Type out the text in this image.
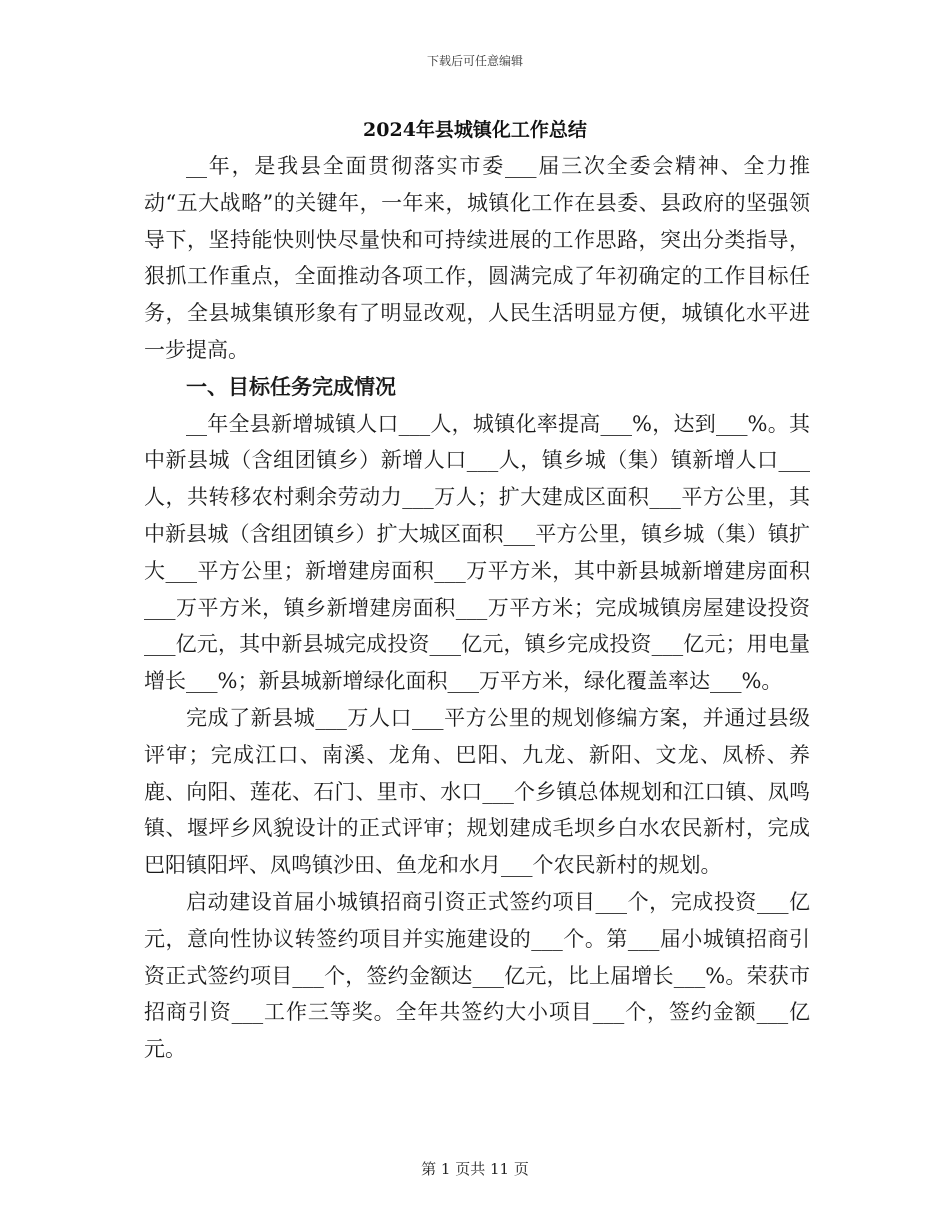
下载后可任意编辑
2024年县城镇化工作总结

__年，是我县全面贯彻落实市委___届三次全委会精神、全力推动“五大战略”的关键年，一年来，城镇化工作在县委、县政府的坚强领导下，坚持能快则快尽量快和可持续进展的工作思路，突出分类指导，狠抓工作重点，全面推动各项工作，圆满完成了年初确定的工作目标任务，全县城集镇形象有了明显改观，人民生活明显方便，城镇化水平进一步提高。

一、目标任务完成情况

__年全县新增城镇人口___人，城镇化率提高___%，达到___%。其中新县城（含组团镇乡）新增人口___人，镇乡城（集）镇新增人口___人，共转移农村剩余劳动力___万人；扩大建成区面积___平方公里，其中新县城（含组团镇乡）扩大城区面积___平方公里，镇乡城（集）镇扩大___平方公里；新增建房面积___万平方米，其中新县城新增建房面积___万平方米，镇乡新增建房面积___万平方米；完成城镇房屋建设投资___亿元，其中新县城完成投资___亿元，镇乡完成投资___亿元；用电量增长___%；新县城新增绿化面积___万平方米，绿化覆盖率达___%。

完成了新县城___万人口___平方公里的规划修编方案，并通过县级评审；完成江口、南溪、龙角、巴阳、九龙、新阳、文龙、凤桥、养鹿、向阳、莲花、石门、里市、水口___个乡镇总体规划和江口镇、凤鸣镇、堰坪乡风貌设计的正式评审；规划建成毛坝乡白水农民新村，完成巴阳镇阳坪、凤鸣镇沙田、鱼龙和水月___个农民新村的规划。

启动建设首届小城镇招商引资正式签约项目___个，完成投资___亿元，意向性协议转签约项目并实施建设的___个。第___届小城镇招商引资正式签约项目___个，签约金额达___亿元，比上届增长___%。荣获市招商引资___工作三等奖。全年共签约大小项目___个，签约金额___亿元。

第 1 页共 11 页
